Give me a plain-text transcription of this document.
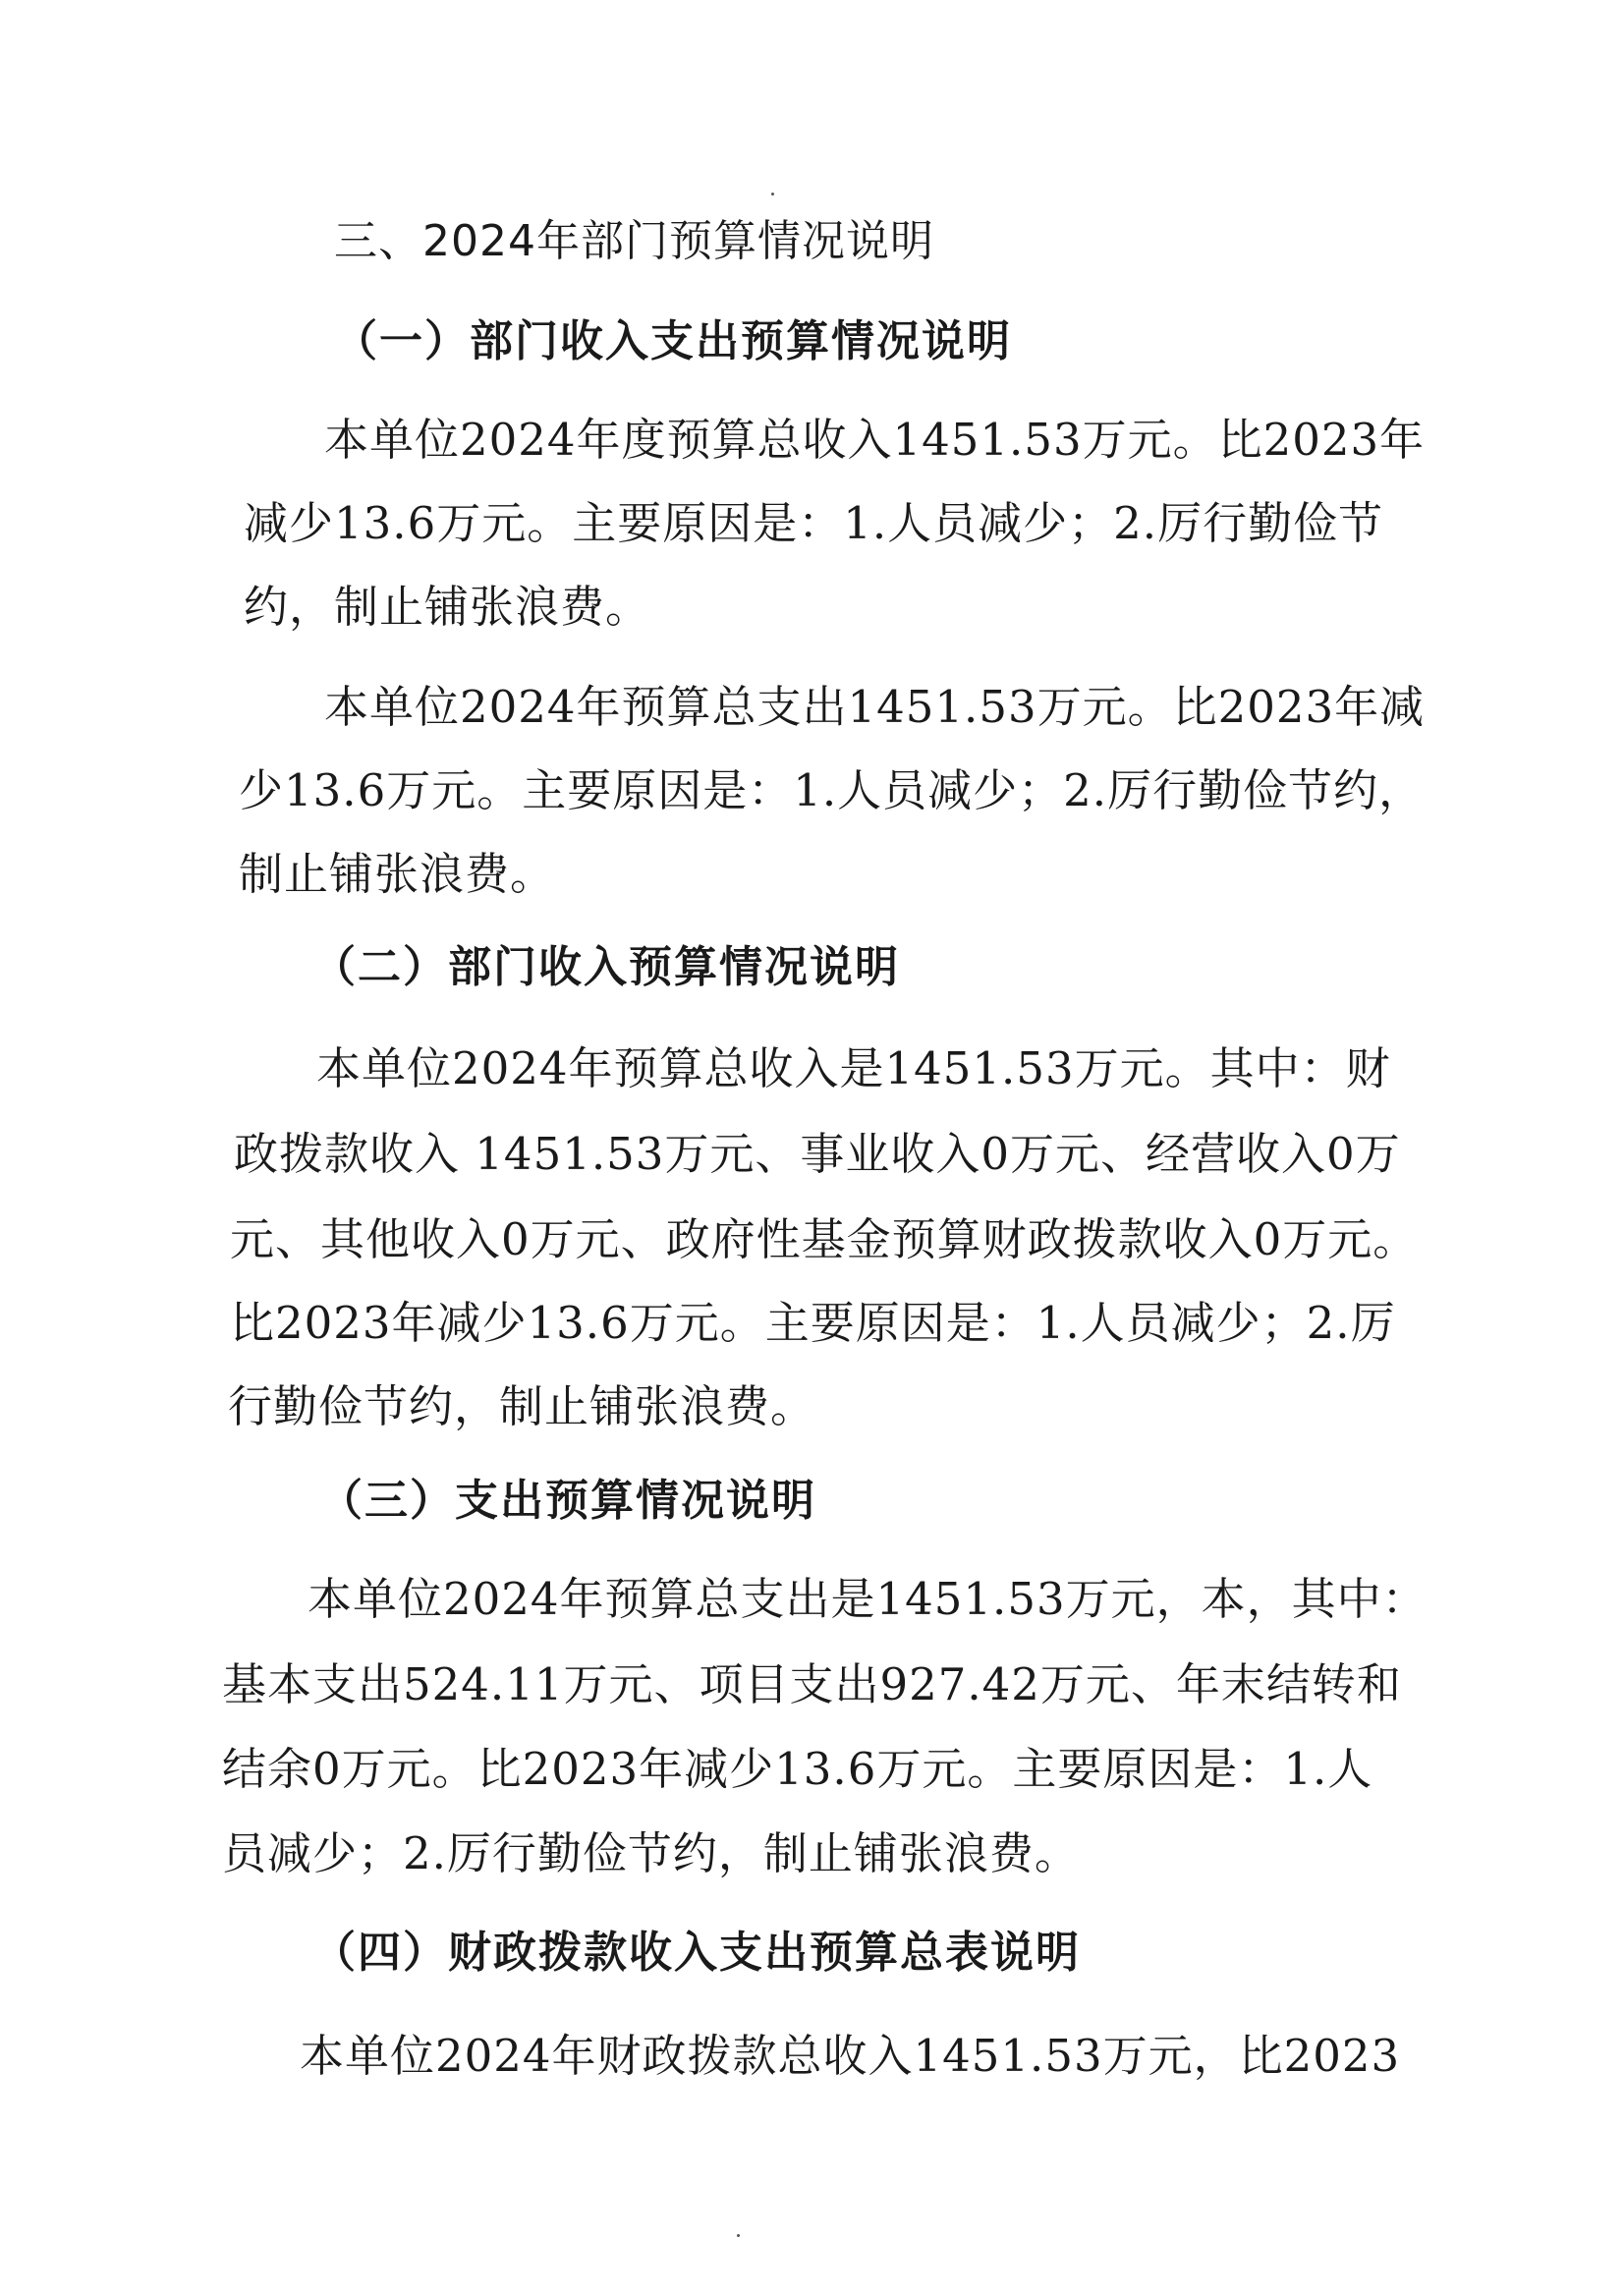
三、2024年部门预算情况说明
（一）部门收入支出预算情况说明
本单位2024年度预算总收入1451.53万元。比2023年
减少13.6万元。主要原因是：1.人员减少；2.厉行勤俭节
约，制止铺张浪费。
本单位2024年预算总支出1451.53万元。比2023年减
少13.6万元。主要原因是：1.人员减少；2.厉行勤俭节约，
制止铺张浪费。
（二）部门收入预算情况说明
本单位2024年预算总收入是1451.53万元。其中：财
政拨款收入 1451.53万元、事业收入0万元、经营收入0万
元、其他收入0万元、政府性基金预算财政拨款收入0万元。
比2023年减少13.6万元。主要原因是：1.人员减少；2.厉
行勤俭节约，制止铺张浪费。
（三）支出预算情况说明
本单位2024年预算总支出是1451.53万元，本，其中：
基本支出524.11万元、项目支出927.42万元、年末结转和
结余0万元。比2023年减少13.6万元。主要原因是：1.人
员减少；2.厉行勤俭节约，制止铺张浪费。
（四）财政拨款收入支出预算总表说明
本单位2024年财政拨款总收入1451.53万元，比2023
